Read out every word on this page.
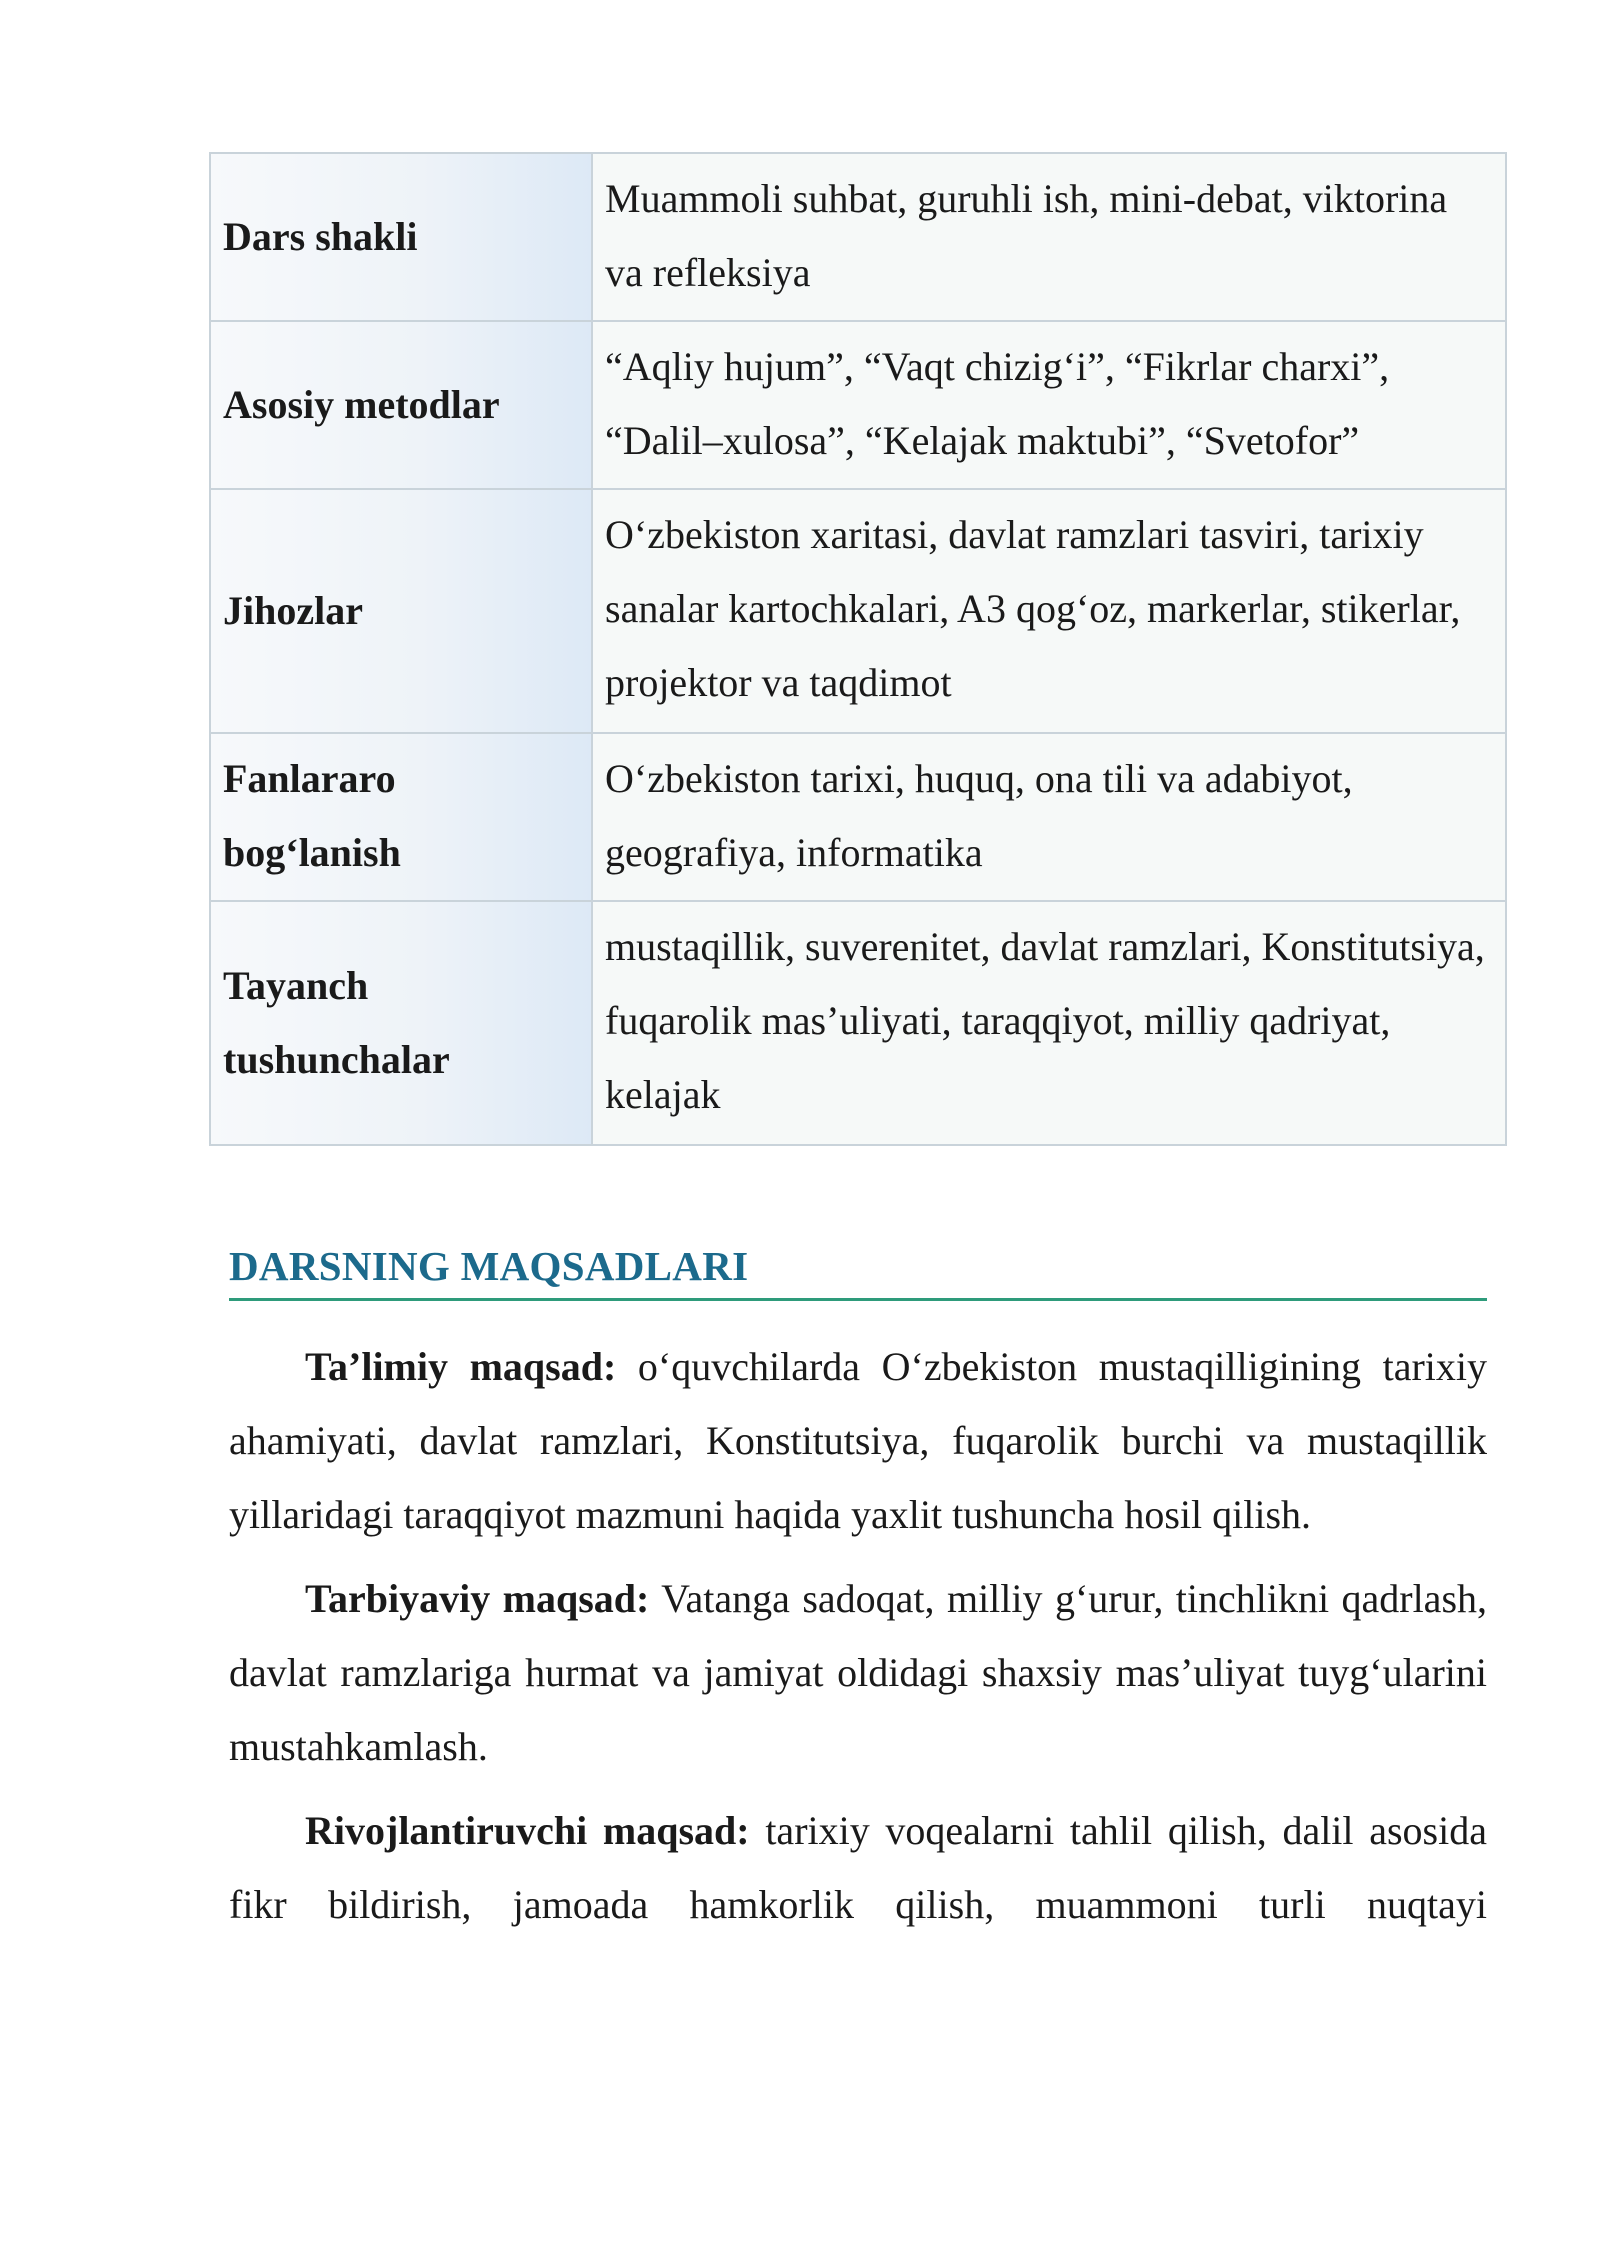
Dars shakli	Muammoli suhbat, guruhli ish, mini-debat, viktorina va refleksiya
Asosiy metodlar	“Aqliy hujum”, “Vaqt chizig‘i”, “Fikrlar charxi”, “Dalil–xulosa”, “Kelajak maktubi”, “Svetofor”
Jihozlar	O‘zbekiston xaritasi, davlat ramzlari tasviri, tarixiy sanalar kartochkalari, A3 qog‘oz, markerlar, stikerlar, projektor va taqdimot
Fanlararo bog‘lanish	O‘zbekiston tarixi, huquq, ona tili va adabiyot, geografiya, informatika
Tayanch tushunchalar	mustaqillik, suverenitet, davlat ramzlari, Konstitutsiya, fuqarolik mas’uliyati, taraqqiyot, milliy qadriyat, kelajak
DARSNING MAQSADLARI

Ta’limiy maqsad: o‘quvchilarda O‘zbekiston mustaqilligining tarixiy ahamiyati, davlat ramzlari, Konstitutsiya, fuqarolik burchi va mustaqillik yillaridagi taraqqiyot mazmuni haqida yaxlit tushuncha hosil qilish.

Tarbiyaviy maqsad: Vatanga sadoqat, milliy g‘urur, tinchlikni qadrlash, davlat ramzlariga hurmat va jamiyat oldidagi shaxsiy mas’uliyat tuyg‘ularini mustahkamlash.

Rivojlantiruvchi maqsad: tarixiy voqealarni tahlil qilish, dalil asosida fikr bildirish, jamoada hamkorlik qilish, muammoni turli nuqtayi
